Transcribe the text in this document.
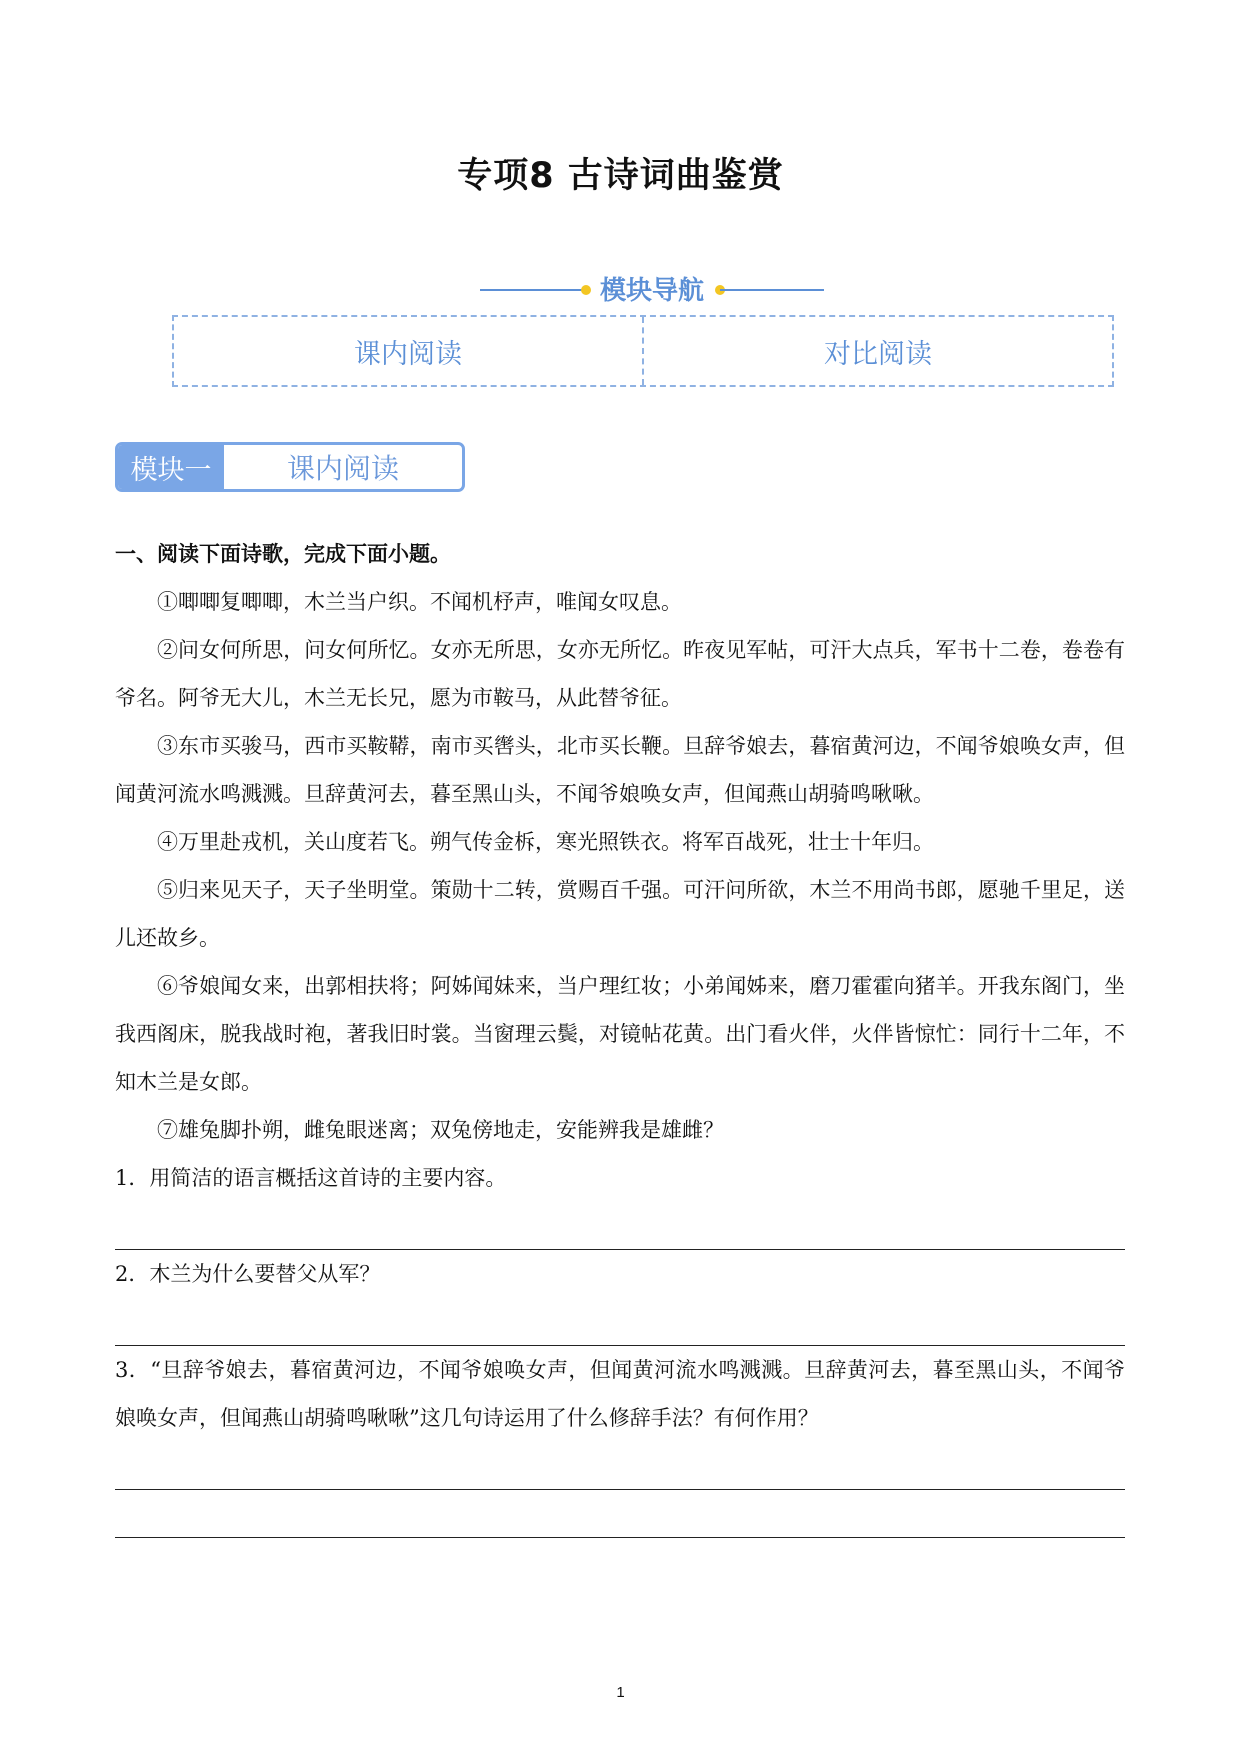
专项8 古诗词曲鉴赏
模块导航
课内阅读	对比阅读
模块一	课内阅读
一、阅读下面诗歌，完成下面小题。

①唧唧复唧唧，木兰当户织。不闻机杼声，唯闻女叹息。

②问女何所思，问女何所忆。女亦无所思，女亦无所忆。昨夜见军帖，可汗大点兵，军书十二卷，卷卷有爷名。阿爷无大儿，木兰无长兄，愿为市鞍马，从此替爷征。

③东市买骏马，西市买鞍鞯，南市买辔头，北市买长鞭。旦辞爷娘去，暮宿黄河边，不闻爷娘唤女声，但闻黄河流水鸣溅溅。旦辞黄河去，暮至黑山头，不闻爷娘唤女声，但闻燕山胡骑鸣啾啾。

④万里赴戎机，关山度若飞。朔气传金柝，寒光照铁衣。将军百战死，壮士十年归。

⑤归来见天子，天子坐明堂。策勋十二转，赏赐百千强。可汗问所欲，木兰不用尚书郎，愿驰千里足，送儿还故乡。

⑥爷娘闻女来，出郭相扶将；阿姊闻妹来，当户理红妆；小弟闻姊来，磨刀霍霍向猪羊。开我东阁门，坐我西阁床，脱我战时袍，著我旧时裳。当窗理云鬓，对镜帖花黄。出门看火伴，火伴皆惊忙：同行十二年，不知木兰是女郎。

⑦雄兔脚扑朔，雌兔眼迷离；双兔傍地走，安能辨我是雄雌？

1．用简洁的语言概括这首诗的主要内容。

2．木兰为什么要替父从军？

3．“旦辞爷娘去，暮宿黄河边，不闻爷娘唤女声，但闻黄河流水鸣溅溅。旦辞黄河去，暮至黑山头，不闻爷娘唤女声，但闻燕山胡骑鸣啾啾”这几句诗运用了什么修辞手法？有何作用？

1
